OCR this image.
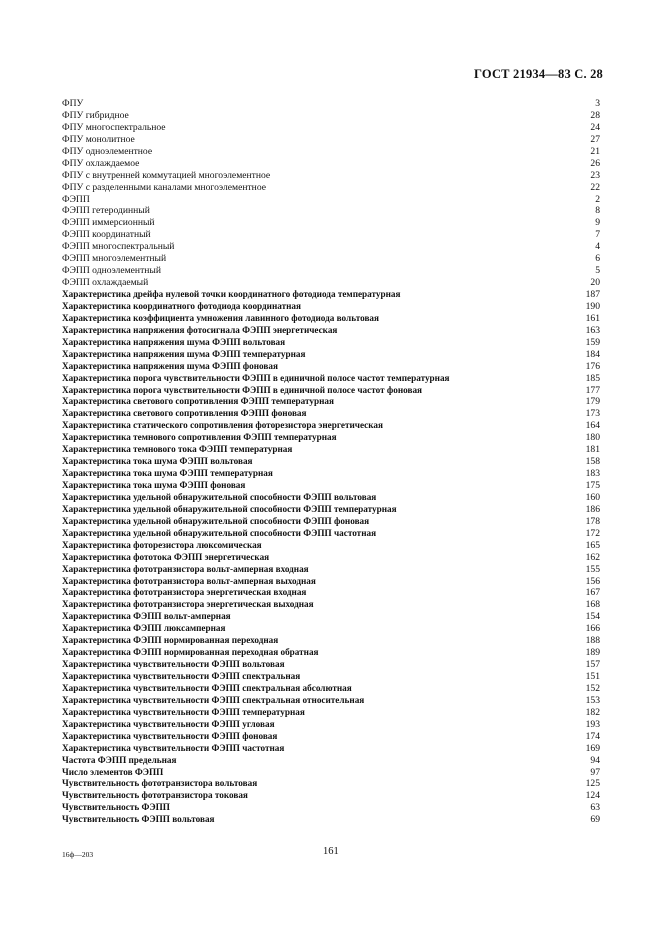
ГОСТ 21934—83 С. 28
ФПУ	3
ФПУ гибридное	28
ФПУ многоспектральное	24
ФПУ монолитное	27
ФПУ одноэлементное	21
ФПУ охлаждаемое	26
ФПУ с внутренней коммутацией многоэлементное	23
ФПУ с разделенными каналами многоэлементное	22
ФЭПП	2
ФЭПП гетеродинный	8
ФЭПП иммерсионный	9
ФЭПП координатный	7
ФЭПП многоспектральный	4
ФЭПП многоэлементный	6
ФЭПП одноэлементный	5
ФЭПП охлаждаемый	20
Характеристика дрейфа нулевой точки координатного фотодиода температурная	187
Характеристика координатного фотодиода координатная	190
Характеристика коэффициента умножения лавинного фотодиода вольтовая	161
Характеристика напряжения фотосигнала ФЭПП энергетическая	163
Характеристика напряжения шума ФЭПП вольтовая	159
Характеристика напряжения шума ФЭПП температурная	184
Характеристика напряжения шума ФЭПП фоновая	176
Характеристика порога чувствительности ФЭПП в единичной полосе частот температурная	185
Характеристика порога чувствительности ФЭПП в единичной полосе частот фоновая	177
Характеристика светового сопротивления ФЭПП температурная	179
Характеристика светового сопротивления ФЭПП фоновая	173
Характеристика статического сопротивления фоторезистора энергетическая	164
Характеристика темнового сопротивления ФЭПП температурная	180
Характеристика темнового тока ФЭПП температурная	181
Характеристика тока шума ФЭПП вольтовая	158
Характеристика тока шума ФЭПП температурная	183
Характеристика тока шума ФЭПП фоновая	175
Характеристика удельной обнаружительной способности ФЭПП вольтовая	160
Характеристика удельной обнаружительной способности ФЭПП температурная	186
Характеристика удельной обнаружительной способности ФЭПП фоновая	178
Характеристика удельной обнаружительной способности ФЭПП частотная	172
Характеристика фоторезистора люксомическая	165
Характеристика фототока ФЭПП энергетическая	162
Характеристика фототранзистора вольт-амперная входная	155
Характеристика фототранзистора вольт-амперная выходная	156
Характеристика фототранзистора энергетическая входная	167
Характеристика фототранзистора энергетическая выходная	168
Характеристика ФЭПП вольт-амперная	154
Характеристика ФЭПП люксамперная	166
Характеристика ФЭПП нормированная переходная	188
Характеристика ФЭПП нормированная переходная обратная	189
Характеристика чувствительности ФЭПП вольтовая	157
Характеристика чувствительности ФЭПП спектральная	151
Характеристика чувствительности ФЭПП спектральная абсолютная	152
Характеристика чувствительности ФЭПП спектральная относительная	153
Характеристика чувствительности ФЭПП температурная	182
Характеристика чувствительности ФЭПП угловая	193
Характеристика чувствительности ФЭПП фоновая	174
Характеристика чувствительности ФЭПП частотная	169
Частота ФЭПП предельная	94
Число элементов ФЭПП	97
Чувствительность фототранзистора вольтовая	125
Чувствительность фототранзистора токовая	124
Чувствительность ФЭПП	63
Чувствительность ФЭПП вольтовая	69
16ф—203	161
